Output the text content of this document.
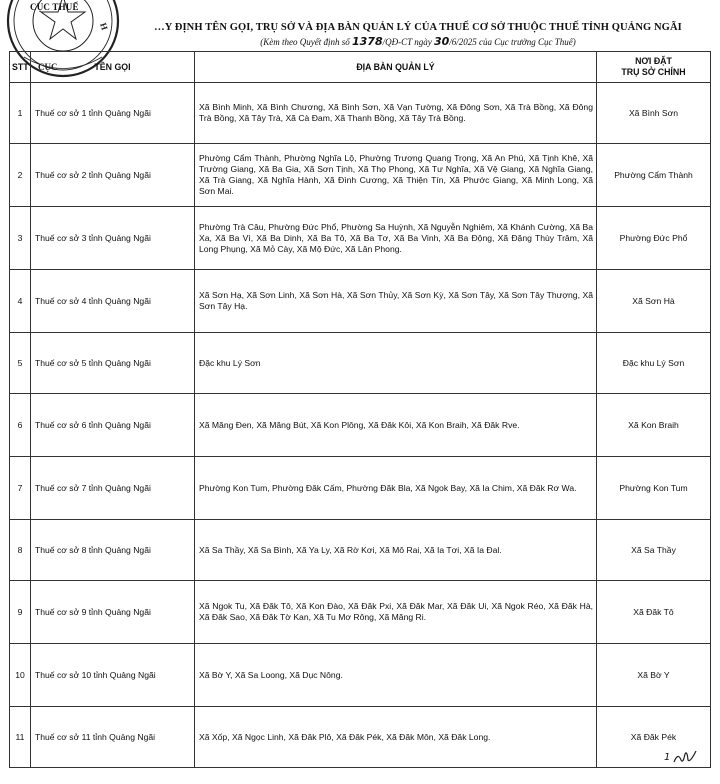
CỤC
H
CỤC THUẾ
…Y ĐỊNH TÊN GỌI, TRỤ SỞ VÀ ĐỊA BÀN QUẢN LÝ CỦA THUẾ CƠ SỞ THUỘC THUẾ TỈNH QUẢNG NGÃI
(Kèm theo Quyết định số 1378/QĐ-CT ngày 30/6/2025 của Cục trưởng Cục Thuế)
STT	TÊN GỌI	ĐỊA BÀN QUẢN LÝ	NƠI ĐẶT
TRỤ SỞ CHÍNH

1	Thuế cơ sở 1 tỉnh Quảng Ngãi	Xã Bình Minh, Xã Bình Chương, Xã Bình Sơn, Xã Vạn Tường, Xã Đông Sơn, Xã Trà Bồng, Xã Đông Trà Bồng, Xã Tây Trà, Xã Cà Đam, Xã Thanh Bồng, Xã Tây Trà Bồng.	Xã Bình Sơn
2	Thuế cơ sở 2 tỉnh Quảng Ngãi	Phường Cẩm Thành, Phường Nghĩa Lộ, Phường Trương Quang Trọng, Xã An Phú, Xã Tịnh Khê, Xã Trường Giang, Xã Ba Gia, Xã Sơn Tịnh, Xã Thọ Phong, Xã Tư Nghĩa, Xã Vệ Giang, Xã Nghĩa Giang, Xã Trà Giang, Xã Nghĩa Hành, Xã Đình Cương, Xã Thiện Tín, Xã Phước Giang, Xã Minh Long, Xã Sơn Mai.	Phường Cẩm Thành
3	Thuế cơ sở 3 tỉnh Quảng Ngãi	Phường Trà Câu, Phường Đức Phổ, Phường Sa Huỳnh, Xã Nguyễn Nghiêm, Xã Khánh Cường, Xã Ba Xa, Xã Ba Vì, Xã Ba Dinh, Xã Ba Tô, Xã Ba Tơ, Xã Ba Vinh, Xã Ba Động, Xã Đặng Thùy Trâm, Xã Long Phụng, Xã Mỏ Cày, Xã Mộ Đức, Xã Lân Phong.	Phường Đức Phổ
4	Thuế cơ sở 4 tỉnh Quảng Ngãi	Xã Sơn Hạ, Xã Sơn Linh, Xã Sơn Hà, Xã Sơn Thủy, Xã Sơn Kỳ, Xã Sơn Tây, Xã Sơn Tây Thượng, Xã Sơn Tây Hạ.	Xã Sơn Hà
5	Thuế cơ sở 5 tỉnh Quảng Ngãi	Đặc khu Lý Sơn	Đặc khu Lý Sơn
6	Thuế cơ sở 6 tỉnh Quảng Ngãi	Xã Măng Đen, Xã Măng Bút, Xã Kon Plông, Xã Đăk Kôi, Xã Kon Braih, Xã Đăk Rve.	Xã Kon Braih
7	Thuế cơ sở 7 tỉnh Quảng Ngãi	Phường Kon Tum, Phường Đăk Cấm, Phường Đăk Bla, Xã Ngok Bay, Xã Ia Chim, Xã Đăk Rơ Wa.	Phường Kon Tum
8	Thuế cơ sở 8 tỉnh Quảng Ngãi	Xã Sa Thầy, Xã Sa Bình, Xã Ya Ly, Xã Rờ Kơi, Xã Mô Rai, Xã Ia Tơi, Xã Ia Đal.	Xã Sa Thầy
9	Thuế cơ sở 9 tỉnh Quảng Ngãi	Xã Ngok Tu, Xã Đăk Tô, Xã Kon Đào, Xã Đăk Pxi, Xã Đăk Mar, Xã Đăk Ui, Xã Ngok Réo, Xã Đăk Hà, Xã Đăk Sao, Xã Đăk Tờ Kan, Xã Tu Mơ Rông, Xã Măng Ri.	Xã Đăk Tô
10	Thuế cơ sở 10 tỉnh Quảng Ngãi	Xã Bờ Y, Xã Sa Loong, Xã Dục Nông.	Xã Bờ Y
11	Thuế cơ sở 11 tỉnh Quảng Ngãi	Xã Xốp, Xã Ngọc Linh, Xã Đăk Plô, Xã Đăk Pék, Xã Đăk Môn, Xã Đăk Long.	Xã Đăk Pék
1
